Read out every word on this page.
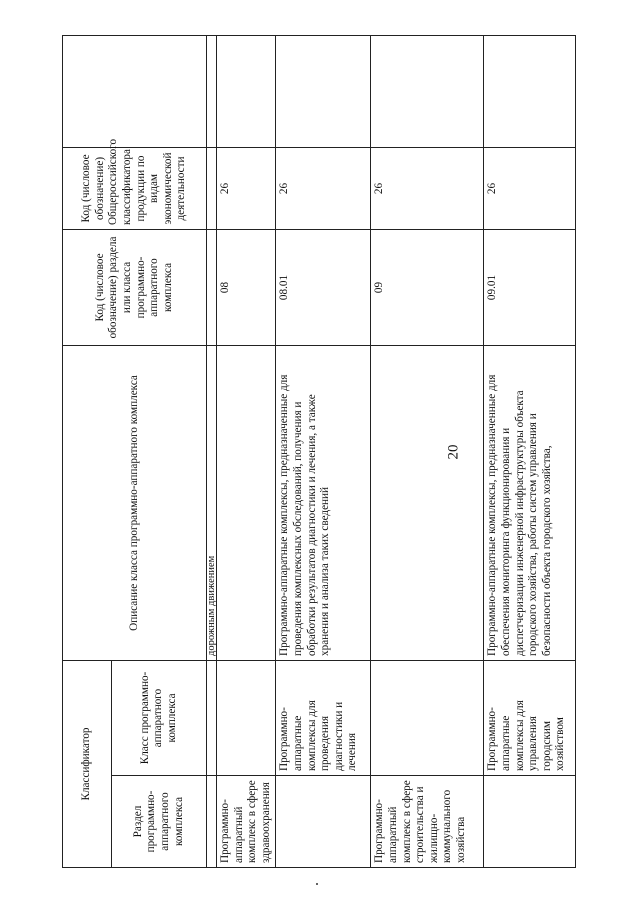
20
Классификатор		Описание класса программно-аппаратного комплекса	Код (числовое обозначение) раздела или класса программно-аппаратного комплекса	Код (числовое обозначение) Общероссийского классификатора продукции по видам экономической деятельности	
Раздел программно-аппаратного комплекса	Класс программно-аппаратного комплекса				
		дорожным движением			
Программно-аппаратный комплекс в сфере здравоохранения			08	26	
	Программно-аппаратные комплексы для проведения диагностики и лечения	Программно-аппаратные комплексы, предназначенные для проведения комплексных обследований, получения и обработки результатов диагностики и лечения, а также хранения и анализа таких сведений	08.01	26	
Программно-аппаратный комплекс в сфере строительства и жилищно-коммунального хозяйства			09	26	
	Программно-аппаратные комплексы для управления городским хозяйством	Программно-аппаратные комплексы, предназначенные для обеспечения мониторинга функционирования и диспетчеризации инженерной инфраструктуры объекта городского хозяйства, работы систем управления и безопасности объекта городского хозяйства,	09.01	26	
